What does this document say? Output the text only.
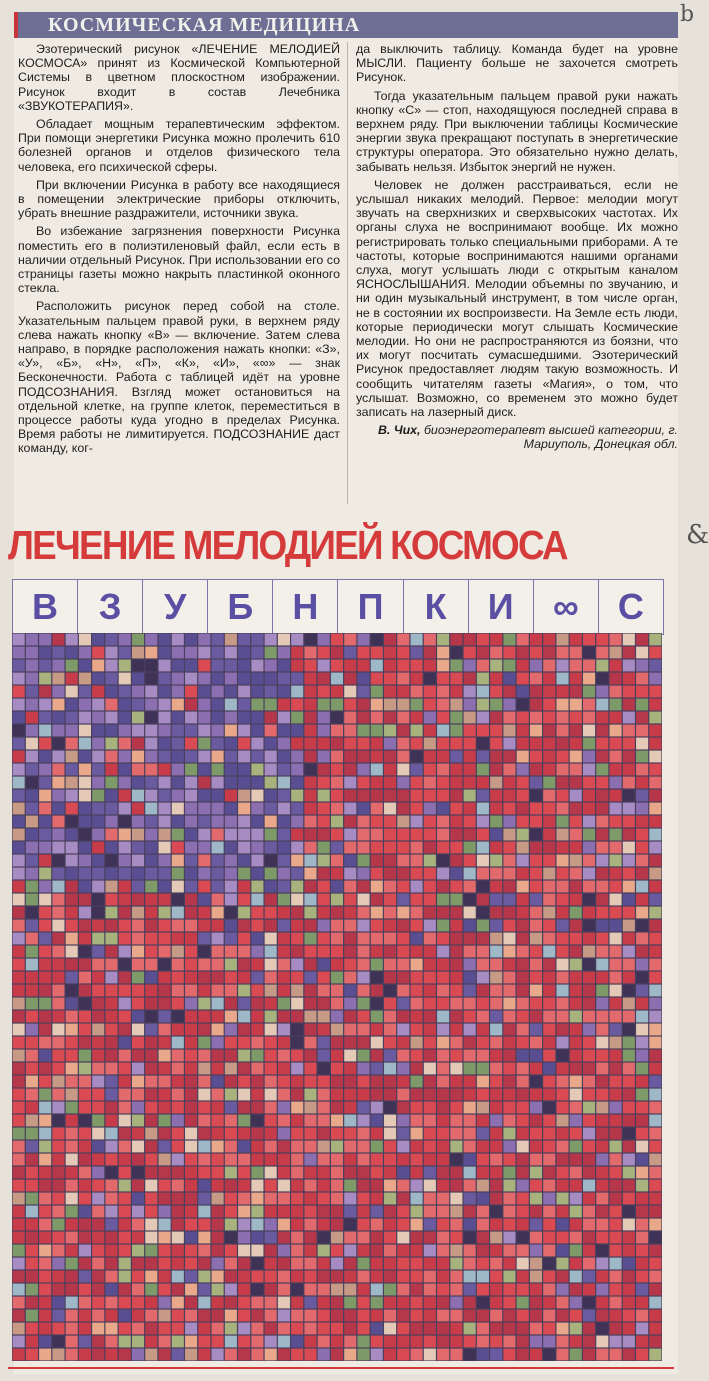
КОСМИЧЕСКАЯ МЕДИЦИНА

Эзотерический рисунок «ЛЕЧЕНИЕ МЕЛОДИЕЙ КОСМОСА» принят из Космической Компьютерной Системы в цветном плоскостном изображении. Рисунок входит в состав Лечебника «ЗВУКОТЕРАПИЯ».

Обладает мощным терапевтическим эффектом. При помощи энергетики Рисунка можно пролечить 610 болезней органов и отделов физического тела человека, его психической сферы.

При включении Рисунка в работу все находящиеся в помещении электрические приборы отключить, убрать внешние раздражители, источники звука.

Во избежание загрязнения поверхности Рисунка поместить его в полиэтиленовый файл, если есть в наличии отдельный Рисунок. При использовании его со страницы газеты можно накрыть пластинкой оконного стекла.

Расположить рисунок перед собой на столе. Указательным пальцем правой руки, в верхнем ряду слева нажать кнопку «В» — включение. Затем слева направо, в порядке расположения нажать кнопки: «З», «У», «Б», «Н», «П», «К», «И», «∞» — знак Бесконечности. Работа с таблицей идёт на уровне ПОДСОЗНАНИЯ. Взгляд может остановиться на отдельной клетке, на группе клеток, переместиться в процессе работы куда угодно в пределах Рисунка. Время работы не лимитируется. ПОДСОЗНАНИЕ даст команду, ког-

да выключить таблицу. Команда будет на уровне МЫСЛИ. Пациенту больше не захочется смотреть Рисунок.

Тогда указательным пальцем правой руки нажать кнопку «С» — стоп, находящуюся последней справа в верхнем ряду. При выключении таблицы Космические энергии звука прекращают поступать в энергетические структуры оператора. Это обязательно нужно делать, забывать нельзя. Избыток энергий не нужен.

Человек не должен расстраиваться, если не услышал никаких мелодий. Первое: мелодии могут звучать на сверхнизких и сверхвысоких частотах. Их органы слуха не воспринимают вообще. Их можно регистрировать только специальными приборами. А те частоты, которые воспринимаются нашими органами слуха, могут услышать люди с открытым каналом ЯСНОСЛЫШАНИЯ. Мелодии объемны по звучанию, и ни один музыкальный инструмент, в том числе орган, не в состоянии их воспроизвести. На Земле есть люди, которые периодически могут слышать Космические мелодии. Но они не распространяются из боязни, что их могут посчитать сумасшедшими. Эзотерический Рисунок предоставляет людям такую возможность. И сообщить читателям газеты «Магия», о том, что услышат. Возможно, со временем это можно будет записать на лазерный диск.

В. Чих, биоэнерготерапевт высшей категории, г. Мариуполь, Донецкая обл.

ЛЕЧЕНИЕ МЕЛОДИЕЙ КОСМОСА
В	З	У	Б	Н	П	К	И	∞	С
b
&
